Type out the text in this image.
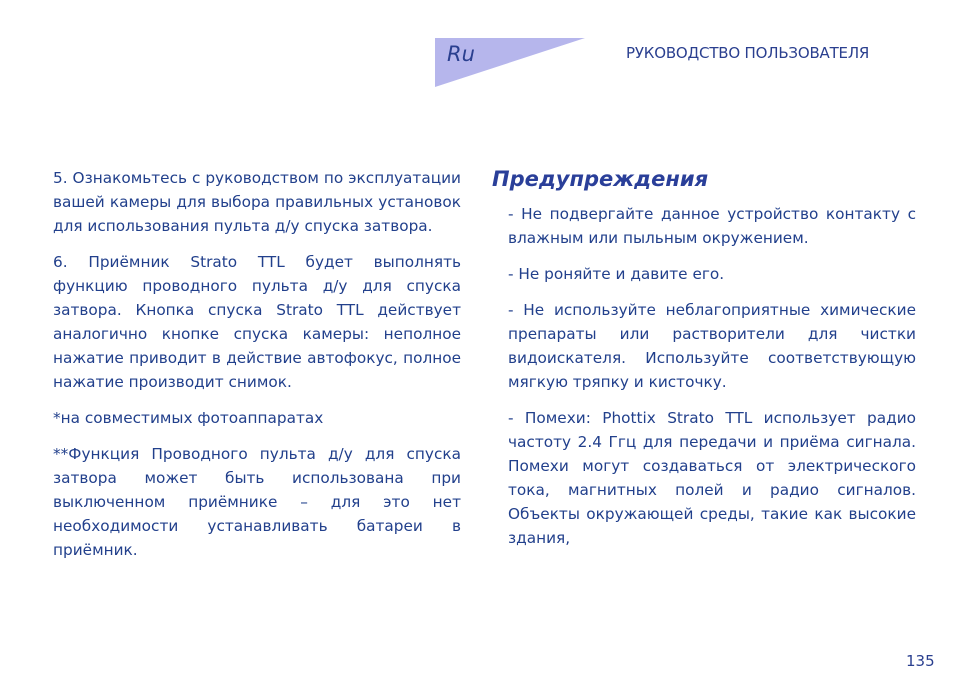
Ru	РУКОВОДСТВО ПОЛЬЗОВАТЕЛЯ

5. Ознакомьтесь с руководством по эксплуатации вашей камеры для выбора правильных установок для использования пульта д/у спуска затвора.

6. Приёмник Strato TTL будет выполнять функцию проводного пульта д/у для спуска затвора. Кнопка спуска Strato TTL действует аналогично кнопке спуска камеры: неполное нажатие приводит в действие автофокус, полное нажатие производит снимок.

*на совместимых фотоаппаратах

**Функция Проводного пульта д/у для спуска затвора может быть использована при выключенном приёмнике – для это нет необходимости устанавливать батареи в приёмник.

Предупреждения

- Не подвергайте данное устройство контакту с влажным или пыльным окружением.

- Не роняйте и давите его.

- Не используйте неблагоприятные химические препараты или растворители для чистки видоискателя. Используйте соответствующую мягкую тряпку и кисточку.

- Помехи: Phottix Strato TTL использует радио частоту 2.4 Ггц для передачи и приёма сигнала. Помехи могут создаваться от электрического тока, магнитных полей и радио сигналов. Объекты окружающей среды, такие как высокие здания,

135
